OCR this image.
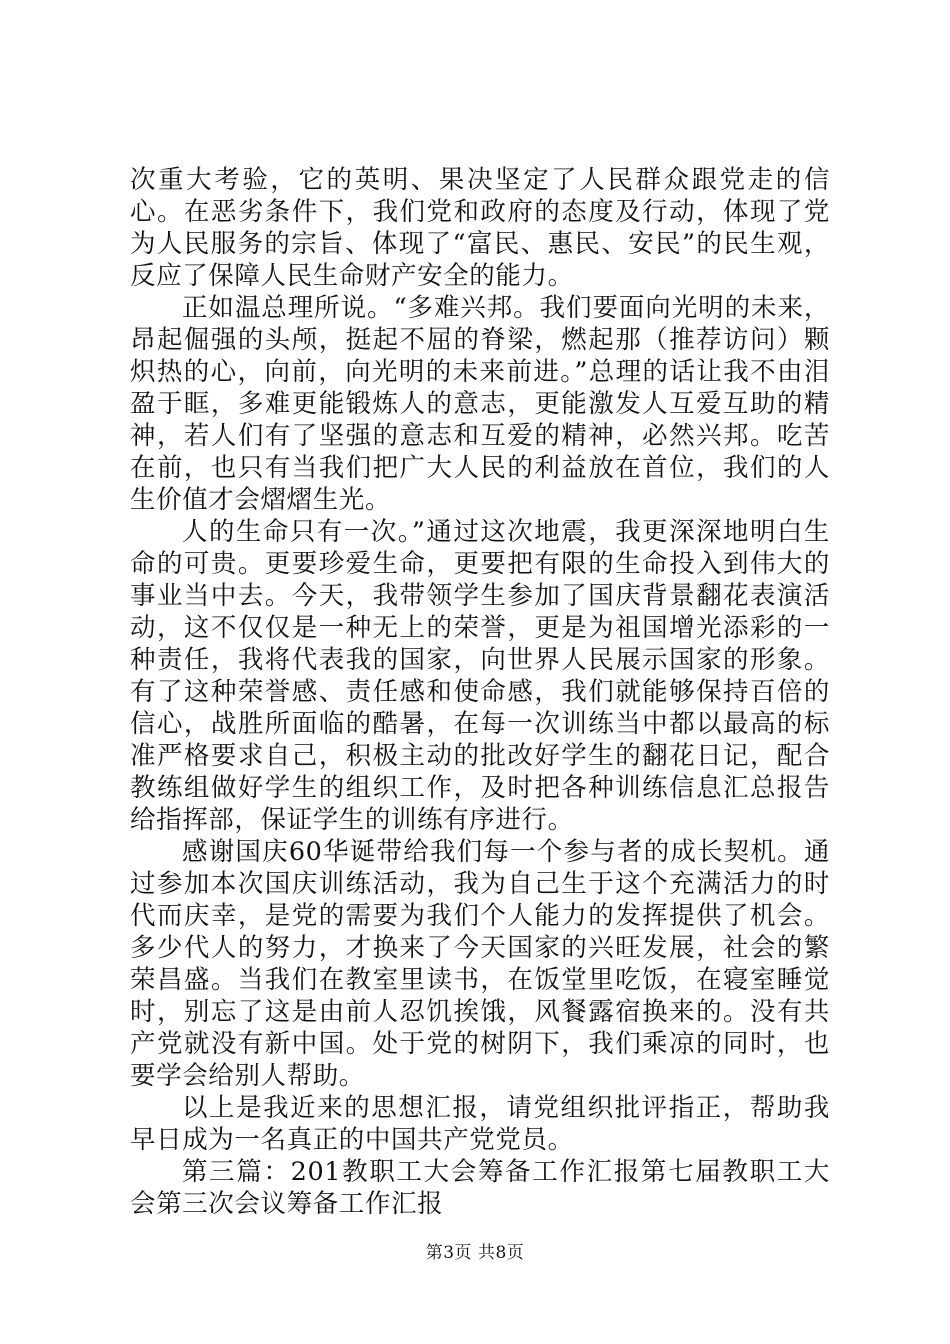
次重大考验，它的英明、果决坚定了人民群众跟党走的信心。在恶劣条件下，我们党和政府的态度及行动，体现了党为人民服务的宗旨、体现了“富民、惠民、安民”的民生观，反应了保障人民生命财产安全的能力。

正如温总理所说。“多难兴邦。我们要面向光明的未来，昂起倔强的头颅，挺起不屈的脊梁，燃起那（推荐访问）颗炽热的心，向前，向光明的未来前进。”总理的话让我不由泪盈于眶，多难更能锻炼人的意志，更能激发人互爱互助的精神，若人们有了坚强的意志和互爱的精神，必然兴邦。吃苦在前，也只有当我们把广大人民的利益放在首位，我们的人生价值才会熠熠生光。

人的生命只有一次。”通过这次地震，我更深深地明白生命的可贵。更要珍爱生命，更要把有限的生命投入到伟大的事业当中去。今天，我带领学生参加了国庆背景翻花表演活动，这不仅仅是一种无上的荣誉，更是为祖国增光添彩的一种责任，我将代表我的国家，向世界人民展示国家的形象。有了这种荣誉感、责任感和使命感，我们就能够保持百倍的信心，战胜所面临的酷暑，在每一次训练当中都以最高的标准严格要求自己，积极主动的批改好学生的翻花日记，配合教练组做好学生的组织工作，及时把各种训练信息汇总报告给指挥部，保证学生的训练有序进行。

感谢国庆60华诞带给我们每一个参与者的成长契机。通过参加本次国庆训练活动，我为自己生于这个充满活力的时代而庆幸，是党的需要为我们个人能力的发挥提供了机会。多少代人的努力，才换来了今天国家的兴旺发展，社会的繁荣昌盛。当我们在教室里读书，在饭堂里吃饭，在寝室睡觉时，别忘了这是由前人忍饥挨饿，风餐露宿换来的。没有共产党就没有新中国。处于党的树阴下，我们乘凉的同时，也要学会给别人帮助。

以上是我近来的思想汇报，请党组织批评指正，帮助我早日成为一名真正的中国共产党党员。

第三篇：201教职工大会筹备工作汇报第七届教职工大会第三次会议筹备工作汇报

第3页 共8页
